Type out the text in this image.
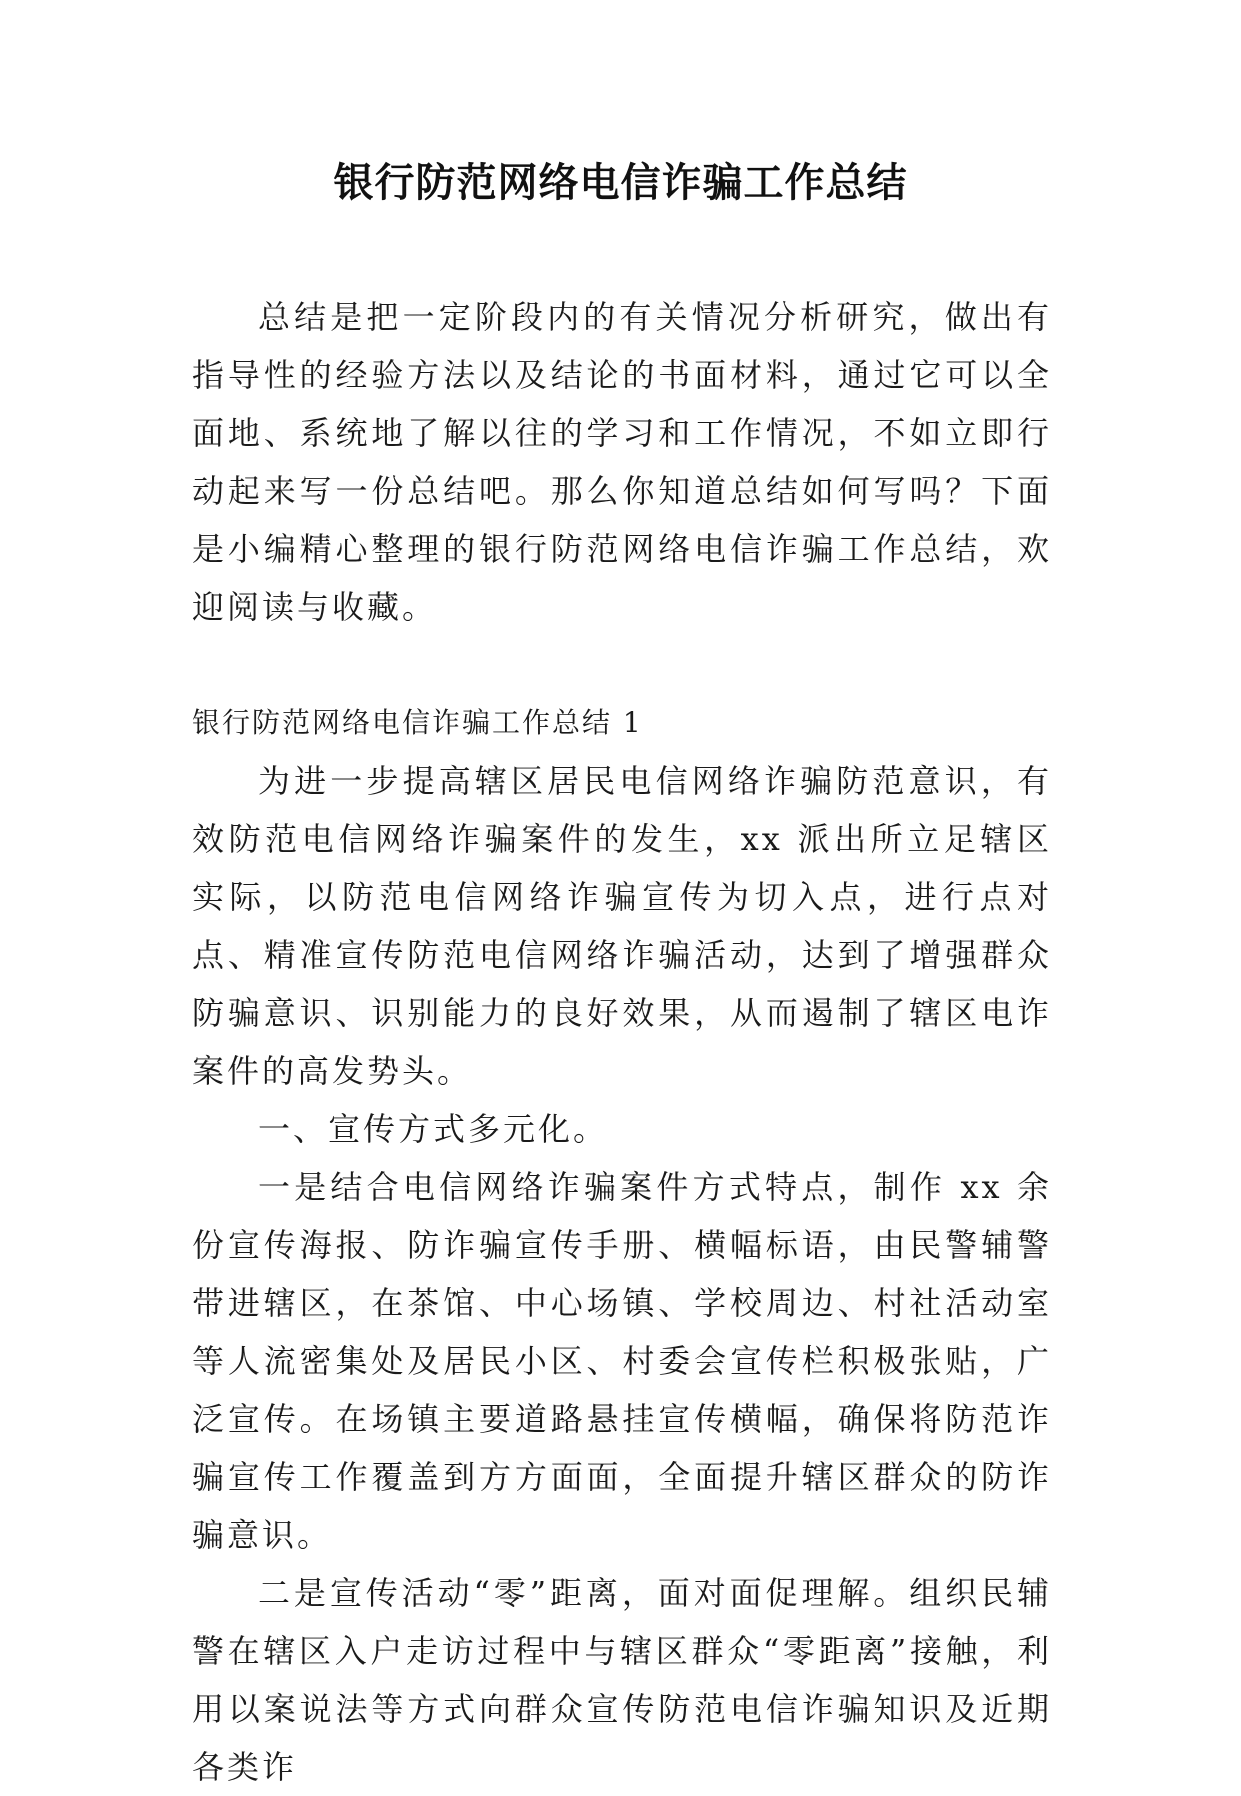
银行防范网络电信诈骗工作总结

总结是把一定阶段内的有关情况分析研究，做出有指导性的经验方法以及结论的书面材料，通过它可以全面地、系统地了解以往的学习和工作情况，不如立即行动起来写一份总结吧。那么你知道总结如何写吗？下面是小编精心整理的银行防范网络电信诈骗工作总结，欢迎阅读与收藏。

银行防范网络电信诈骗工作总结 1

为进一步提高辖区居民电信网络诈骗防范意识，有效防范电信网络诈骗案件的发生，xx 派出所立足辖区实际，以防范电信网络诈骗宣传为切入点，进行点对点、精准宣传防范电信网络诈骗活动，达到了增强群众防骗意识、识别能力的良好效果，从而遏制了辖区电诈案件的高发势头。

一、宣传方式多元化。

一是结合电信网络诈骗案件方式特点，制作 xx 余份宣传海报、防诈骗宣传手册、横幅标语，由民警辅警带进辖区，在茶馆、中心场镇、学校周边、村社活动室等人流密集处及居民小区、村委会宣传栏积极张贴，广泛宣传。在场镇主要道路悬挂宣传横幅，确保将防范诈骗宣传工作覆盖到方方面面，全面提升辖区群众的防诈骗意识。

二是宣传活动“零”距离，面对面促理解。组织民辅警在辖区入户走访过程中与辖区群众“零距离”接触，利用以案说法等方式向群众宣传防范电信诈骗知识及近期各类诈
